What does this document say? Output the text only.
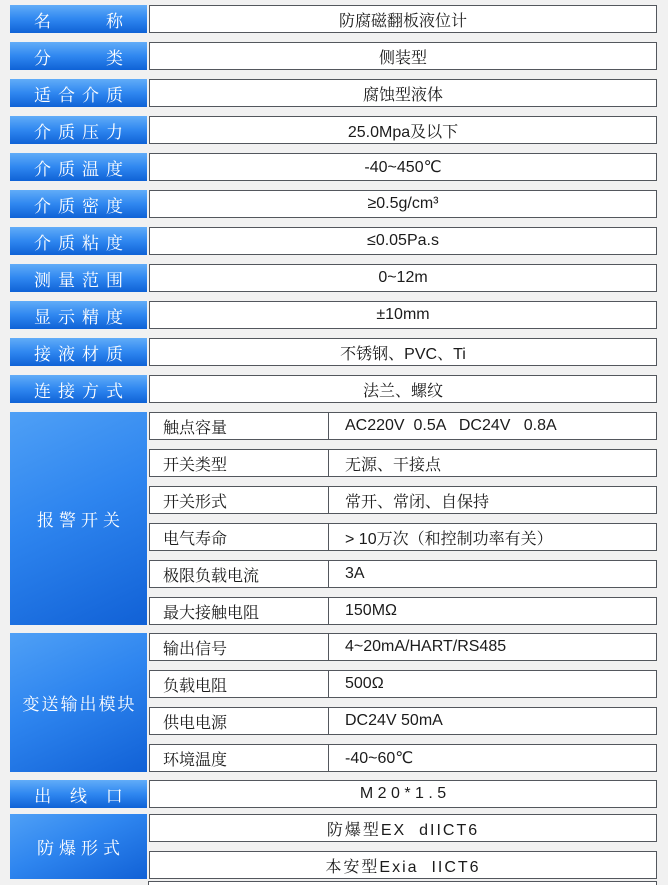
名　　称	防腐磁翻板液位计
分　　类	侧装型
适合介质	腐蚀型液体
介质压力	25.0Mpa及以下
介质温度	-40~450℃
介质密度	≥0.5g/cm³
介质粘度	≤0.05Pa.s
测量范围	0~12m
显示精度	±10mm
接液材质	不锈钢、PVC、Ti
连接方式	法兰、螺纹
报警开关
触点容量	AC220V  0.5A   DC24V   0.8A
开关类型	无源、干接点
开关形式	常开、常闭、自保持
电气寿命	> 10万次（和控制功率有关）
极限负载电流	3A
最大接触电阻	150MΩ
变送输出模块
输出信号	4~20mA/HART/RS485
负载电阻	500Ω
供电电源	DC24V 50mA
环境温度	-40~60℃
出 线 口	M 2 0 * 1 . 5
防爆形式
防爆型EX  dIICT6
本安型Exia  IICT6
